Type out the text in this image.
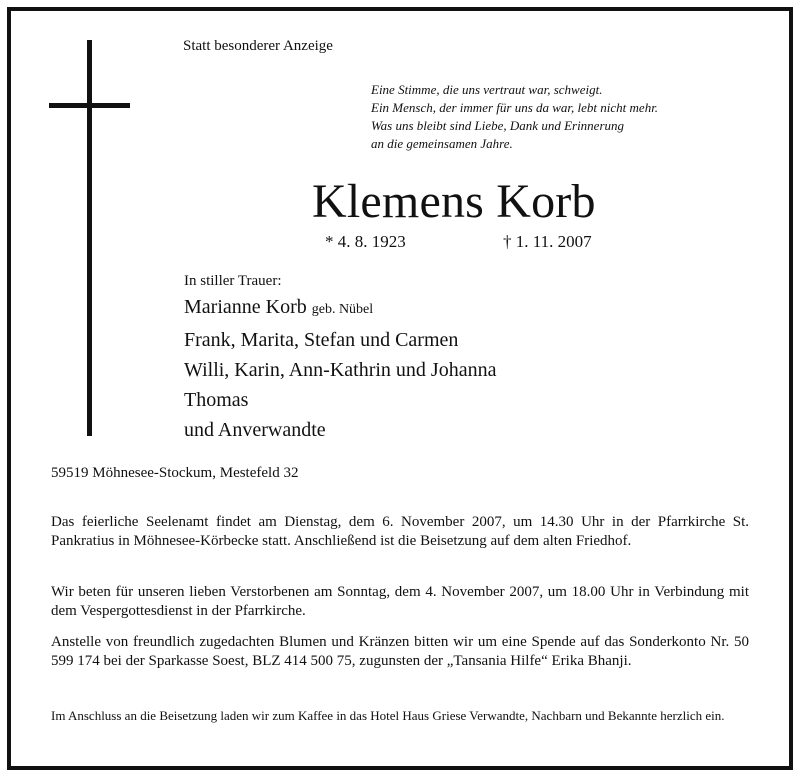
Statt besonderer Anzeige
Eine Stimme, die uns vertraut war, schweigt.
Ein Mensch, der immer für uns da war, lebt nicht mehr.
Was uns bleibt sind Liebe, Dank und Erinnerung
an die gemeinsamen Jahre.
Klemens Korb
* 4. 8. 1923	† 1. 11. 2007
In stiller Trauer:
Marianne Korb geb. Nübel
Frank, Marita, Stefan und Carmen
Willi, Karin, Ann-Kathrin und Johanna
Thomas
und Anverwandte
59519 Möhnesee-Stockum, Mestefeld 32
Das feierliche Seelenamt findet am Dienstag, dem 6. November 2007, um 14.30 Uhr in der Pfarrkirche St. Pankratius in Möhnesee-Körbecke statt. Anschließend ist die Beisetzung auf dem alten Friedhof.
Wir beten für unseren lieben Verstorbenen am Sonntag, dem 4. November 2007, um 18.00 Uhr in Verbindung mit dem Vespergottesdienst in der Pfarrkirche.
Anstelle von freundlich zugedachten Blumen und Kränzen bitten wir um eine Spende auf das Sonderkonto Nr. 50 599 174 bei der Sparkasse Soest, BLZ 414 500 75, zugunsten der „Tansania Hilfe“ Erika Bhanji.
Im Anschluss an die Beisetzung laden wir zum Kaffee in das Hotel Haus Griese Verwandte, Nachbarn und Bekannte herzlich ein.
